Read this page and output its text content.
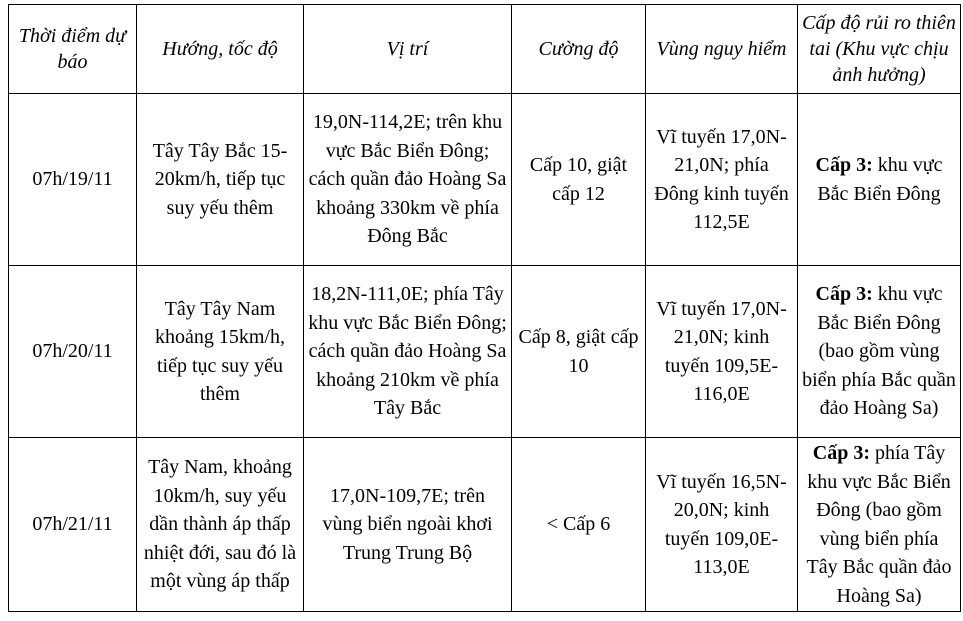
Thời điểm dự báo	Hướng, tốc độ	Vị trí	Cường độ	Vùng nguy hiểm	Cấp độ rủi ro thiên tai (Khu vực chịu ảnh hưởng)
07h/19/11	Tây Tây Bắc 15-20km/h, tiếp tục suy yếu thêm	19,0N-114,2E; trên khu vực Bắc Biển Đông; cách quần đảo Hoàng Sa khoảng 330km về phía Đông Bắc	Cấp 10, giật cấp 12	Vĩ tuyến 17,0N-21,0N; phía Đông kinh tuyến 112,5E	Cấp 3: khu vực Bắc Biển Đông
07h/20/11	Tây Tây Nam khoảng 15km/h, tiếp tục suy yếu thêm	18,2N-111,0E; phía Tây khu vực Bắc Biển Đông; cách quần đảo Hoàng Sa khoảng 210km về phía Tây Bắc	Cấp 8, giật cấp 10	Vĩ tuyến 17,0N-21,0N; kinh tuyến 109,5E-116,0E	Cấp 3: khu vực Bắc Biển Đông (bao gồm vùng biển phía Bắc quần đảo Hoàng Sa)
07h/21/11	Tây Nam, khoảng 10km/h, suy yếu dần thành áp thấp nhiệt đới, sau đó là một vùng áp thấp	17,0N-109,7E; trên vùng biển ngoài khơi Trung Trung Bộ	< Cấp 6	Vĩ tuyến 16,5N-20,0N; kinh tuyến 109,0E-113,0E	Cấp 3: phía Tây khu vực Bắc Biển Đông (bao gồm vùng biển phía Tây Bắc quần đảo Hoàng Sa)
